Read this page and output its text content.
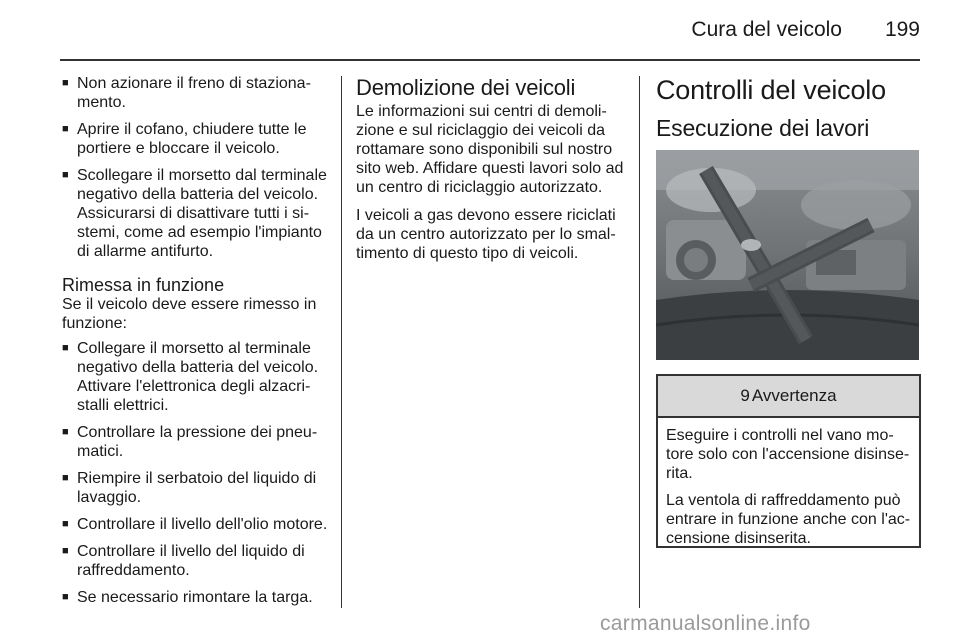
Cura del veicolo 199
■ Non azionare il freno di staziona-
mento.
■ Aprire il cofano, chiudere tutte le
portiere e bloccare il veicolo.
■ Scollegare il morsetto dal terminale
negativo della batteria del veicolo.
Assicurarsi di disattivare tutti i si-
stemi, come ad esempio l'impianto
di allarme antifurto.
Rimessa in funzione

Se il veicolo deve essere rimesso in
funzione:

■ Collegare il morsetto al terminale
negativo della batteria del veicolo.
Attivare l'elettronica degli alzacri-
stalli elettrici.
■ Controllare la pressione dei pneu-
matici.
■ Riempire il serbatoio del liquido di
lavaggio.
■ Controllare il livello dell'olio motore.
■ Controllare il livello del liquido di
raffreddamento.
■ Se necessario rimontare la targa.
Demolizione dei veicoli

Le informazioni sui centri di demoli-
zione e sul riciclaggio dei veicoli da
rottamare sono disponibili sul nostro
sito web. Affidare questi lavori solo ad
un centro di riciclaggio autorizzato.

I veicoli a gas devono essere riciclati
da un centro autorizzato per lo smal-
timento di questo tipo di veicoli.

Controlli del veicolo
Esecuzione dei lavori
9 Avvertenza

Eseguire i controlli nel vano mo-
tore solo con l'accensione disinse-
rita.

La ventola di raffreddamento può
entrare in funzione anche con l'ac-
censione disinserita.

carmanualsonline.info
